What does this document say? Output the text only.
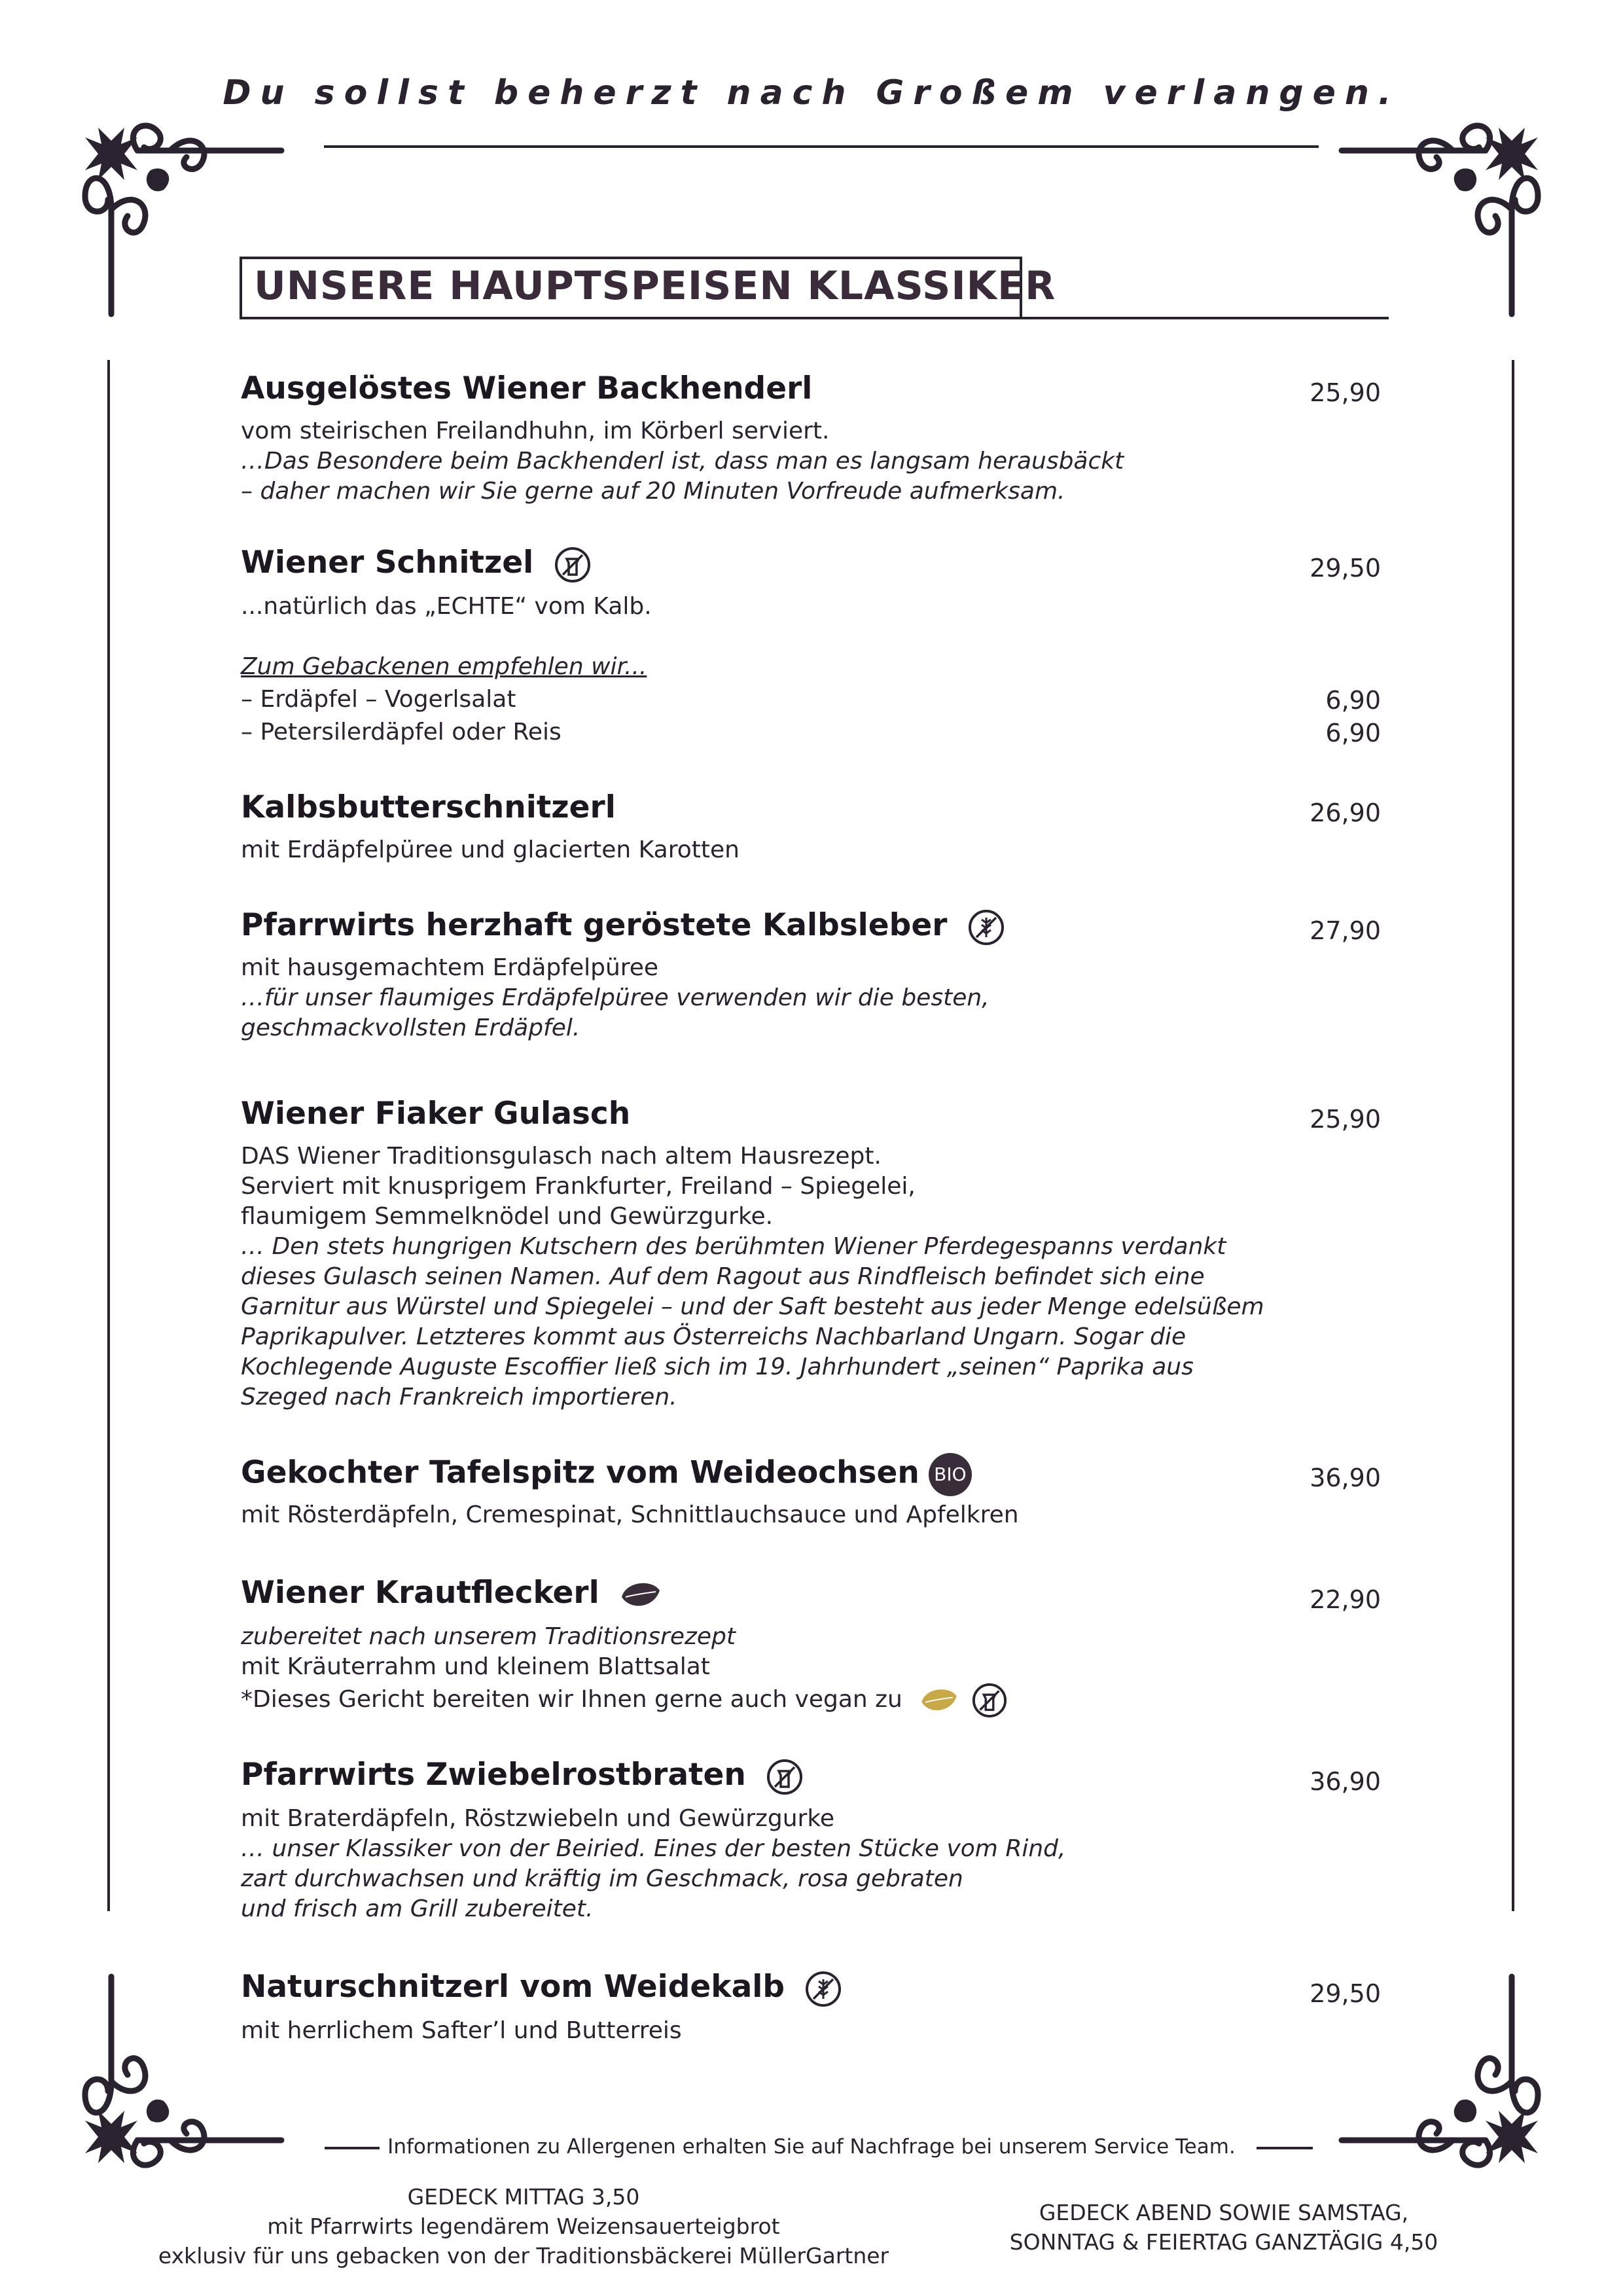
Du sollst beherzt nach Großem verlangen.
UNSERE HAUPTSPEISEN KLASSIKER
Ausgelöstes Wiener Backhenderl	25,90
vom steirischen Freilandhuhn, im Körberl serviert.
…Das Besondere beim Backhenderl ist, dass man es langsam herausbäckt
– daher machen wir Sie gerne auf 20 Minuten Vorfreude aufmerksam.
Wiener Schnitzel	29,50
...natürlich das „ECHTE“ vom Kalb.
Zum Gebackenen empfehlen wir...
– Erdäpfel – Vogerlsalat	6,90
– Petersilerdäpfel oder Reis	6,90
Kalbsbutterschnitzerl	26,90
mit Erdäpfelpüree und glacierten Karotten
Pfarrwirts herzhaft geröstete Kalbsleber	27,90
mit hausgemachtem Erdäpfelpüree
…für unser flaumiges Erdäpfelpüree verwenden wir die besten,
geschmackvollsten Erdäpfel.
Wiener Fiaker Gulasch	25,90
DAS Wiener Traditionsgulasch nach altem Hausrezept.
Serviert mit knusprigem Frankfurter, Freiland – Spiegelei,
flaumigem Semmelknödel und Gewürzgurke.
… Den stets hungrigen Kutschern des berühmten Wiener Pferdegespanns verdankt
dieses Gulasch seinen Namen. Auf dem Ragout aus Rindfleisch befindet sich eine
Garnitur aus Würstel und Spiegelei – und der Saft besteht aus jeder Menge edelsüßem
Paprikapulver. Letzteres kommt aus Österreichs Nachbarland Ungarn. Sogar die
Kochlegende Auguste Escoffier ließ sich im 19. Jahrhundert „seinen“ Paprika aus
Szeged nach Frankreich importieren.
Gekochter Tafelspitz vom Weideochsen BIO	36,90
mit Rösterdäpfeln, Cremespinat, Schnittlauchsauce und Apfelkren
Wiener Krautfleckerl	22,90
zubereitet nach unserem Traditionsrezept
mit Kräuterrahm und kleinem Blattsalat
*Dieses Gericht bereiten wir Ihnen gerne auch vegan zu
Pfarrwirts Zwiebelrostbraten	36,90
mit Braterdäpfeln, Röstzwiebeln und Gewürzgurke
… unser Klassiker von der Beiried. Eines der besten Stücke vom Rind,
zart durchwachsen und kräftig im Geschmack, rosa gebraten
und frisch am Grill zubereitet.
Naturschnitzerl vom Weidekalb	29,50
mit herrlichem Safter’l und Butterreis
Informationen zu Allergenen erhalten Sie auf Nachfrage bei unserem Service Team.
GEDECK MITTAG 3,50
mit Pfarrwirts legendärem Weizensauerteigbrot
exklusiv für uns gebacken von der Traditionsbäckerei MüllerGartner
GEDECK ABEND SOWIE SAMSTAG,
SONNTAG & FEIERTAG GANZTÄGIG 4,50
